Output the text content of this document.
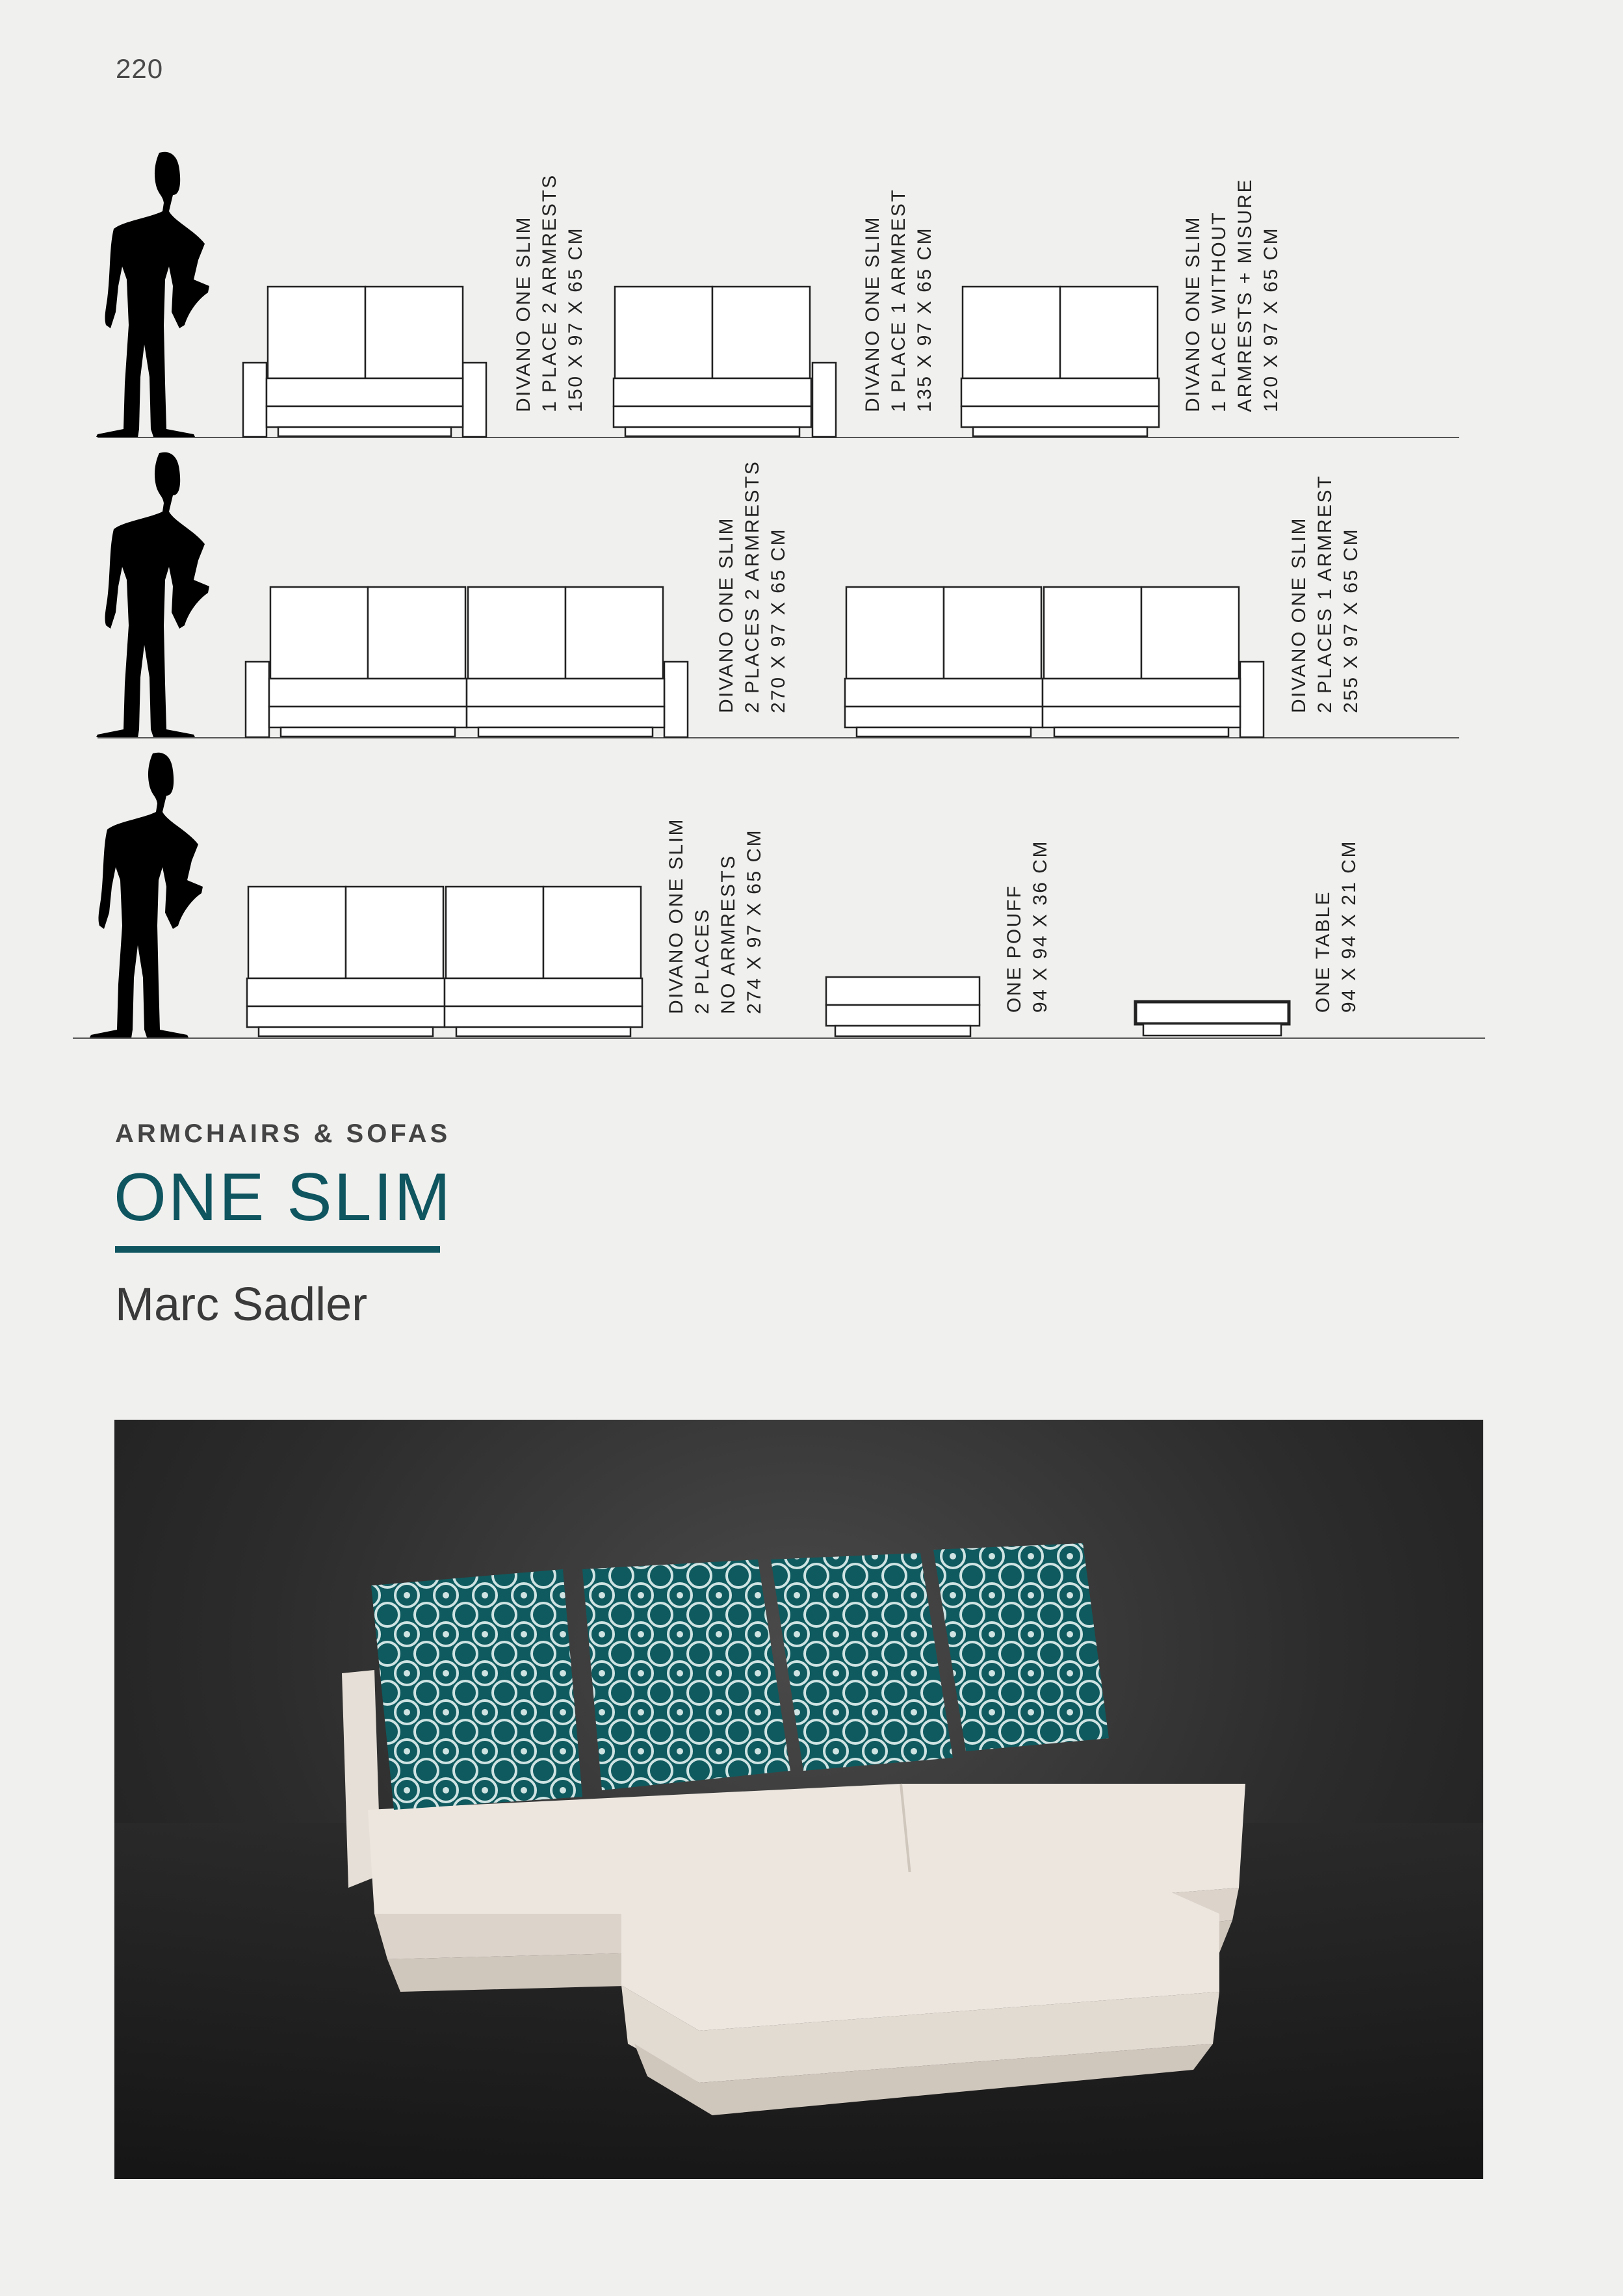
220
DIVANO ONE SLIM 1 PLACE 2 ARMRESTS 150 X 97 X 65 CM	DIVANO ONE SLIM 1 PLACE 1 ARMREST 135 X 97 X 65 CM	DIVANO ONE SLIM 1 PLACE WITHOUT ARMRESTS + MISURE 120 X 97 X 65 CM
DIVANO ONE SLIM 2 PLACES 2 ARMRESTS 270 X 97 X 65 CM	DIVANO ONE SLIM 2 PLACES 1 ARMREST 255 X 97 X 65 CM
DIVANO ONE SLIM 2 PLACES NO ARMRESTS 274 X 97 X 65 CM	ONE POUFF 94 X 94 X 36 CM	ONE TABLE 94 X 94 X 21 CM
ARMCHAIRS & SOFAS
ONE SLIM
Marc Sadler
